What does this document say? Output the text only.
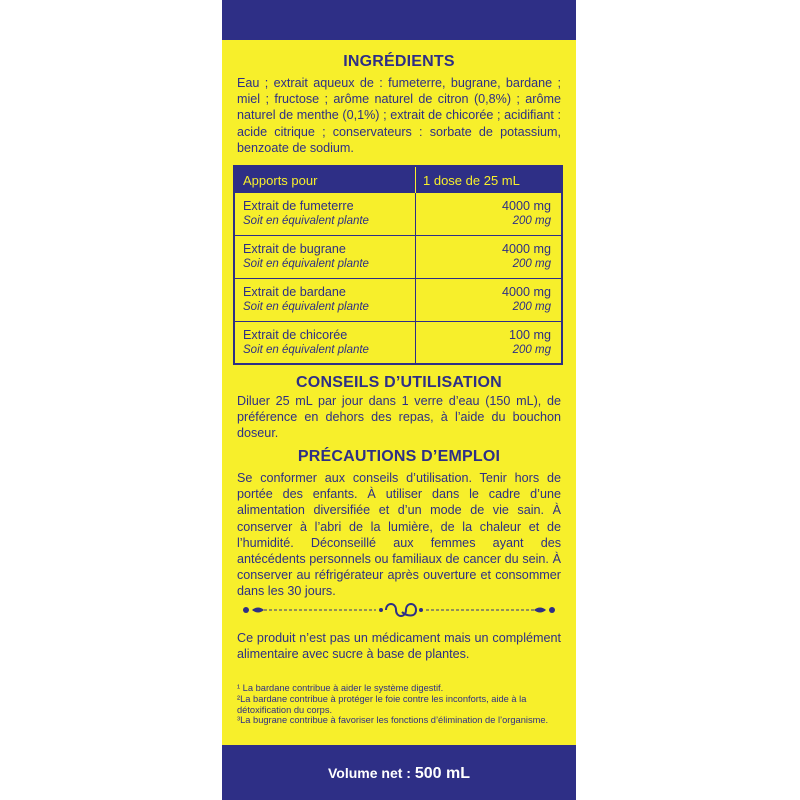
INGRÉDIENTS
Eau ; extrait aqueux de : fumeterre, bugrane, bardane ; miel ; fructose ; arôme naturel de citron (0,8%) ; arôme naturel de menthe (0,1%) ; extrait de chicorée ; acidifiant : acide citrique ; conservateurs : sorbate de potassium, benzoate de sodium.
Apports pour	1 dose de 25 mL
Extrait de fumeterre
Soit en équivalent plante
4000 mg
200 mg
Extrait de bugrane
Soit en équivalent plante
4000 mg
200 mg
Extrait de bardane
Soit en équivalent plante
4000 mg
200 mg
Extrait de chicorée
Soit en équivalent plante
100 mg
200 mg
CONSEILS D’UTILISATION
Diluer 25 mL par jour dans 1 verre d’eau (150 mL), de préférence en dehors des repas, à l’aide du bouchon doseur.
PRÉCAUTIONS D’EMPLOI
Se conformer aux conseils d’utilisation. Tenir hors de portée des enfants. À utiliser dans le cadre d’une alimentation diversifiée et d’un mode de vie sain. À conserver à l’abri de la lumière, de la chaleur et de l’humidité. Déconseillé aux femmes ayant des antécédents personnels ou familiaux de cancer du sein. À conserver au réfrigérateur après ouverture et consommer dans les 30 jours.
Ce produit n’est pas un médicament mais un complément alimentaire avec sucre à base de plantes.
¹ La bardane contribue à aider le système digestif.
²La bardane contribue à protéger le foie contre les inconforts, aide à la détoxification du corps.
³La bugrane contribue à favoriser les fonctions d’élimination de l’organisme.
Volume net : 500 mL
